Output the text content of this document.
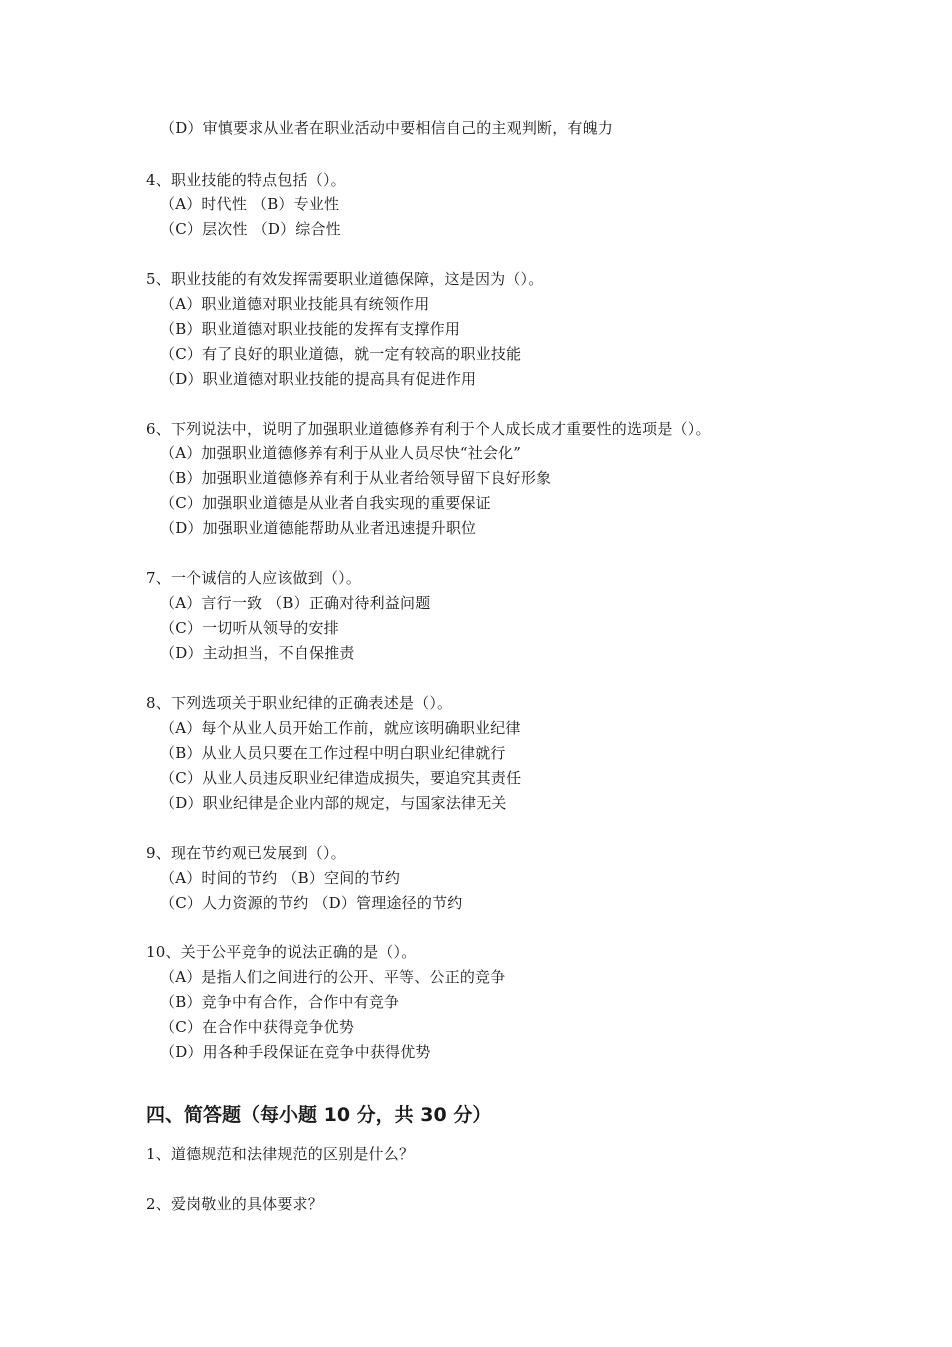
（D）审慎要求从业者在职业活动中要相信自己的主观判断，有魄力
4、职业技能的特点包括（）。
（A）时代性 （B）专业性
（C）层次性 （D）综合性
5、职业技能的有效发挥需要职业道德保障，这是因为（）。
（A）职业道德对职业技能具有统领作用
（B）职业道德对职业技能的发挥有支撑作用
（C）有了良好的职业道德，就一定有较高的职业技能
（D）职业道德对职业技能的提高具有促进作用
6、下列说法中，说明了加强职业道德修养有利于个人成长成才重要性的选项是（）。
（A）加强职业道德修养有利于从业人员尽快“社会化”
（B）加强职业道德修养有利于从业者给领导留下良好形象
（C）加强职业道德是从业者自我实现的重要保证
（D）加强职业道德能帮助从业者迅速提升职位
7、一个诚信的人应该做到（）。
（A）言行一致 （B）正确对待利益问题
（C）一切听从领导的安排
（D）主动担当，不自保推责
8、下列选项关于职业纪律的正确表述是（）。
（A）每个从业人员开始工作前，就应该明确职业纪律
（B）从业人员只要在工作过程中明白职业纪律就行
（C）从业人员违反职业纪律造成损失，要追究其责任
（D）职业纪律是企业内部的规定，与国家法律无关
9、现在节约观已发展到（）。
（A）时间的节约 （B）空间的节约
（C）人力资源的节约 （D）管理途径的节约
10、关于公平竞争的说法正确的是（）。
（A）是指人们之间进行的公开、平等、公正的竞争
（B）竞争中有合作，合作中有竞争
（C）在合作中获得竞争优势
（D）用各种手段保证在竞争中获得优势
四、简答题（每小题 10 分，共 30 分）
1、道德规范和法律规范的区别是什么？
2、爱岗敬业的具体要求？
